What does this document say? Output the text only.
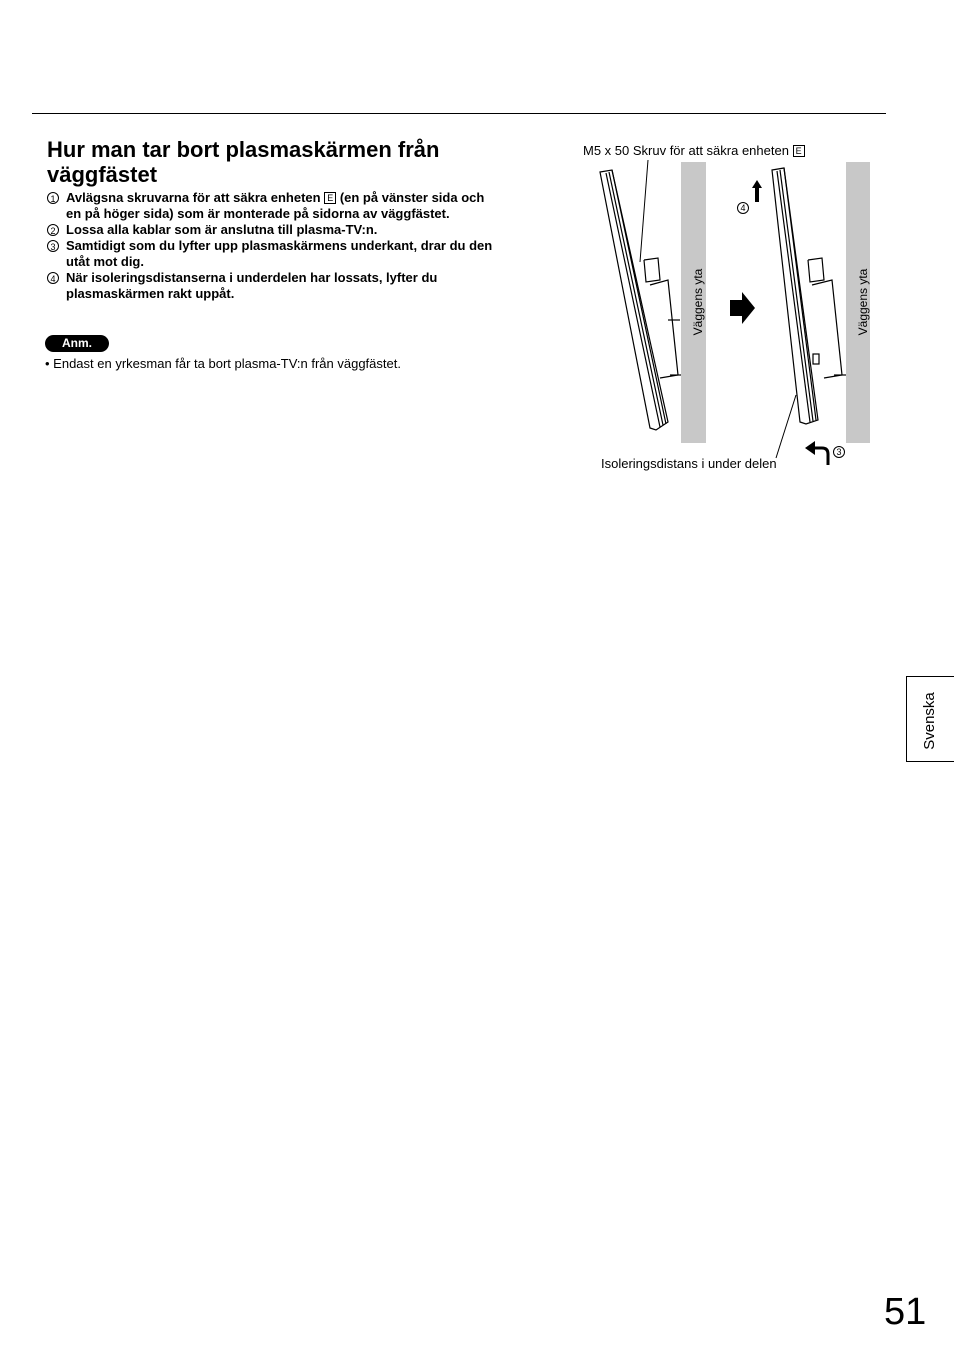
Hur man tar bort plasmaskärmen från väggfästet
1 Avlägsna skruvarna för att säkra enheten E (en på vänster sida och en på höger sida) som är monterade på sidorna av väggfästet.
2 Lossa alla kablar som är anslutna till plasma-TV:n.
3 Samtidigt som du lyfter upp plasmaskärmens underkant, drar du den utåt mot dig.
4 När isoleringsdistanserna i underdelen har lossats, lyfter du plasmaskärmen rakt uppåt.
Anm.
• Endast en yrkesman får ta bort plasma-TV:n från väggfästet.
M5 x 50 Skruv för att säkra enheten E
Väggens yta	Väggens yta
4
3
Isoleringsdistans i under delen
Svenska
51
